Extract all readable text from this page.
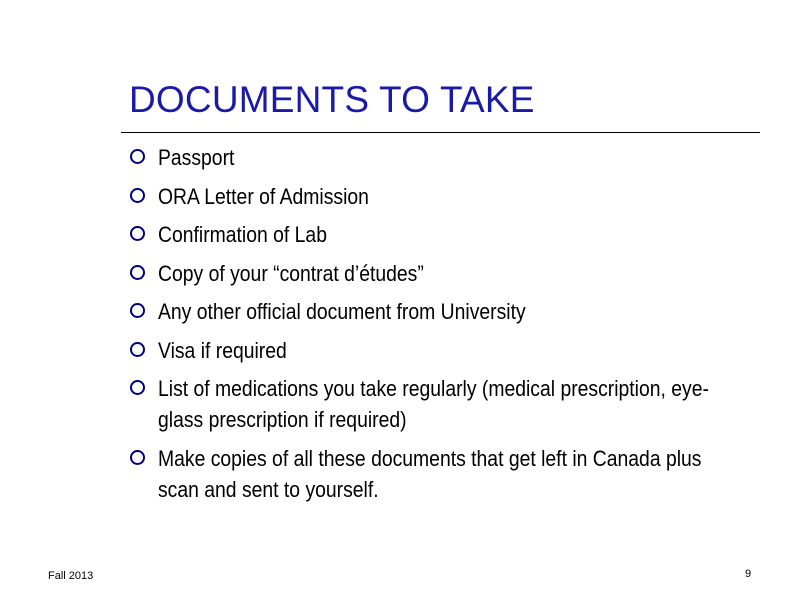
DOCUMENTS TO TAKE
Passport
ORA Letter of Admission
Confirmation of Lab
Copy of your “contrat d’études”
Any other official document from University
Visa if required
List of medications you take regularly (medical prescription, eye-glass prescription if required)
Make copies of all these documents that get left in Canada plus scan and sent to yourself.
Fall 2013	9
